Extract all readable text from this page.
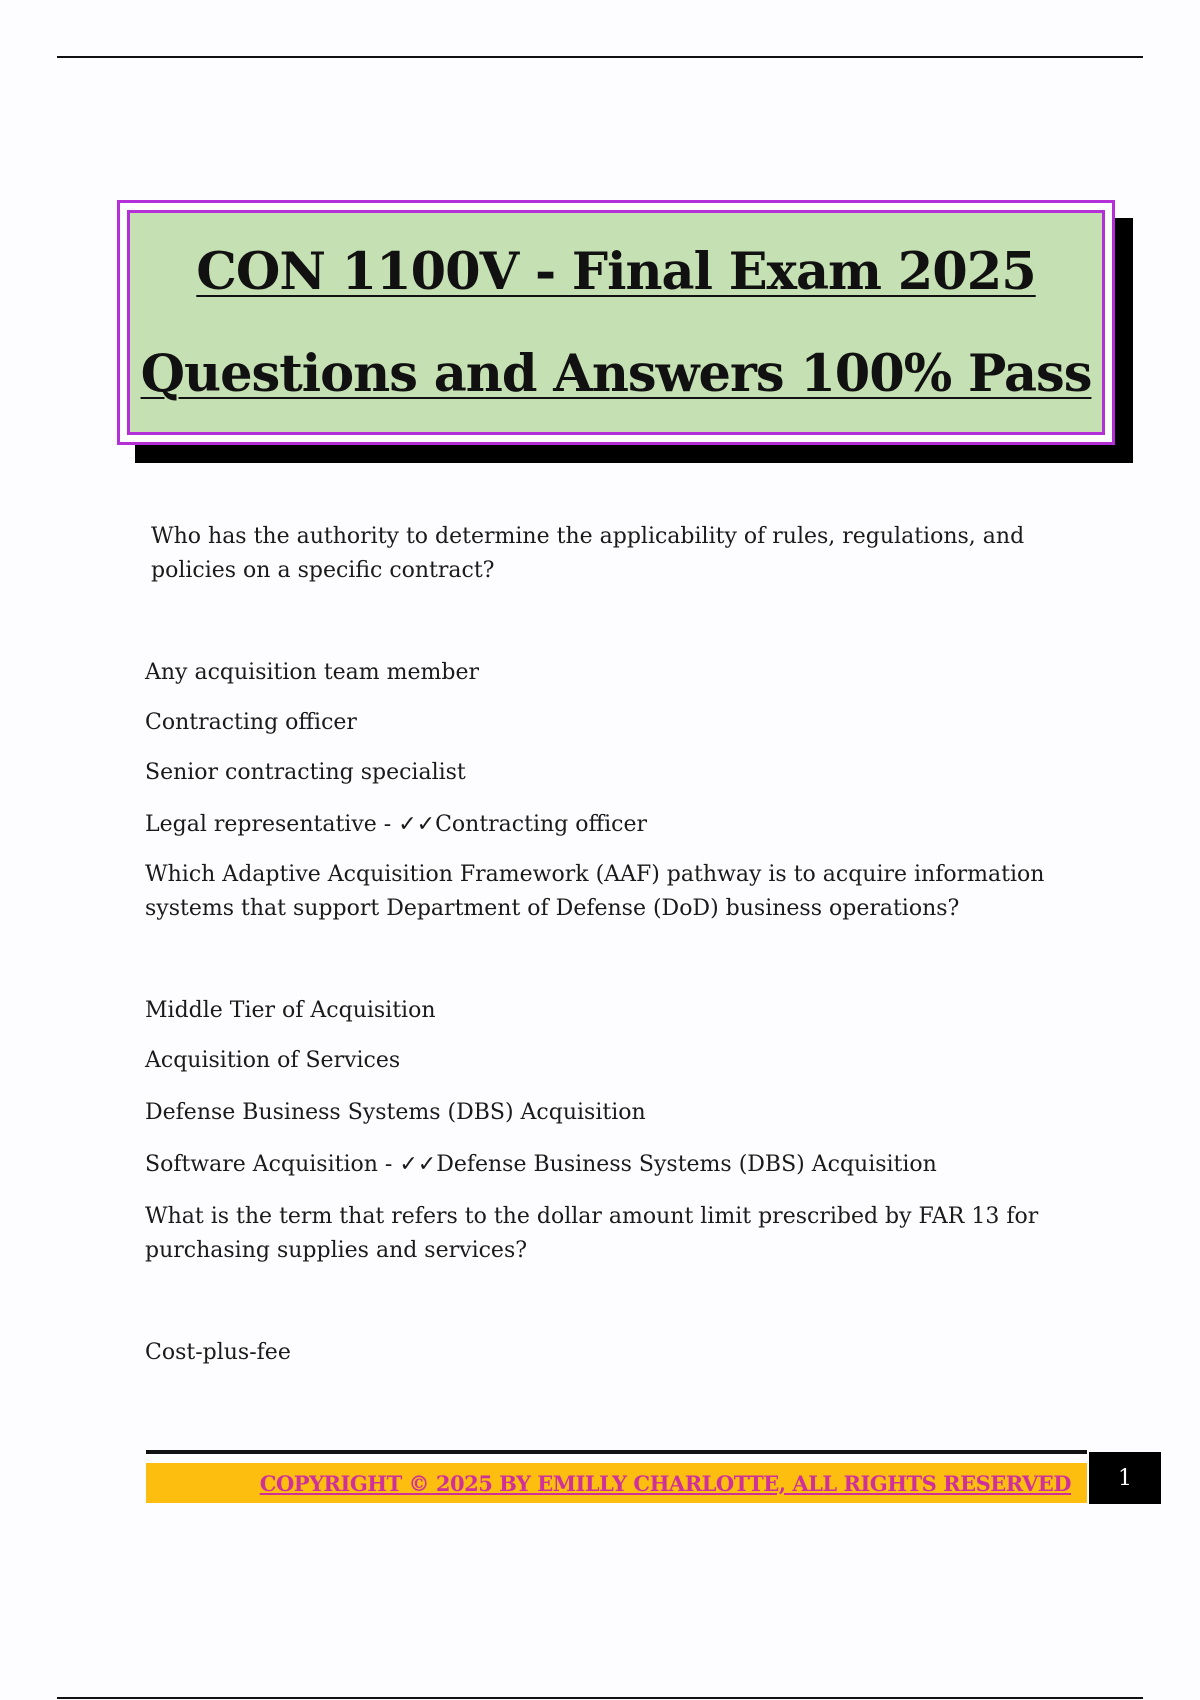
CON 1100V - Final Exam 2025
Questions and Answers 100% Pass

Who has the authority to determine the applicability of rules, regulations, and policies on a specific contract?

Any acquisition team member

Contracting officer

Senior contracting specialist

Legal representative - ✓✓Contracting officer

Which Adaptive Acquisition Framework (AAF) pathway is to acquire information systems that support Department of Defense (DoD) business operations?

Middle Tier of Acquisition

Acquisition of Services

Defense Business Systems (DBS) Acquisition

Software Acquisition - ✓✓Defense Business Systems (DBS) Acquisition

What is the term that refers to the dollar amount limit prescribed by FAR 13 for purchasing supplies and services?

Cost-plus-fee

COPYRIGHT © 2025 BY EMILLY CHARLOTTE, ALL RIGHTS RESERVED	1
